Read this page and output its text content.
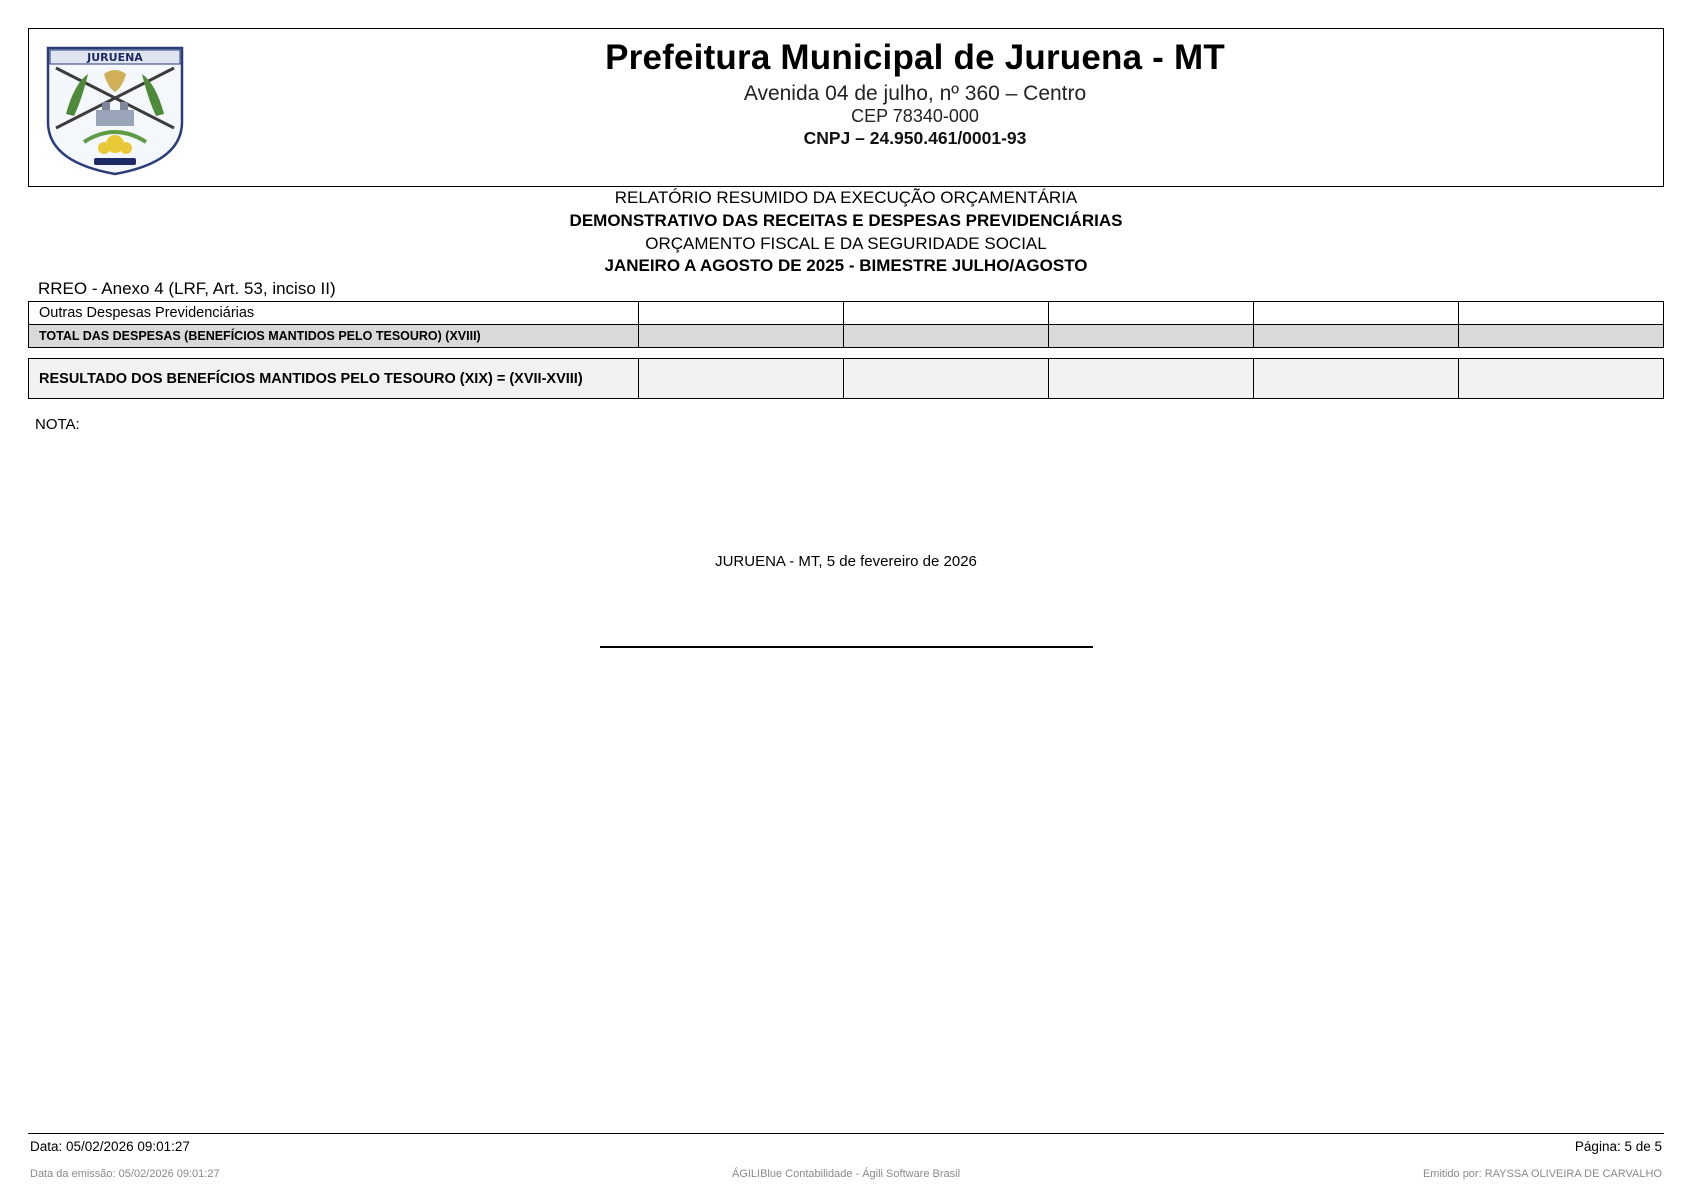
JURUENA	Prefeitura Municipal de Juruena - MT
Avenida 04 de julho, nº 360 – Centro
CEP 78340-000
CNPJ – 24.950.461/0001-93
RELATÓRIO RESUMIDO DA EXECUÇÃO ORÇAMENTÁRIA
DEMONSTRATIVO DAS RECEITAS E DESPESAS PREVIDENCIÁRIAS
ORÇAMENTO FISCAL E DA SEGURIDADE SOCIAL
JANEIRO A AGOSTO DE 2025 - BIMESTRE JULHO/AGOSTO
RREO - Anexo 4 (LRF, Art. 53, inciso II)
Outras Despesas Previdenciárias					
TOTAL DAS DESPESAS (BENEFÍCIOS MANTIDOS PELO TESOURO) (XVIII)					
RESULTADO DOS BENEFÍCIOS MANTIDOS PELO TESOURO (XIX) = (XVII-XVIII)					
NOTA:
JURUENA - MT, 5 de fevereiro de 2026
Data: 05/02/2026 09:01:27	Página: 5 de 5
Data da emissão: 05/02/2026 09:01:27	ÁGILIBlue Contabilidade - Ágili Software Brasil	Emitido por: RAYSSA OLIVEIRA DE CARVALHO
